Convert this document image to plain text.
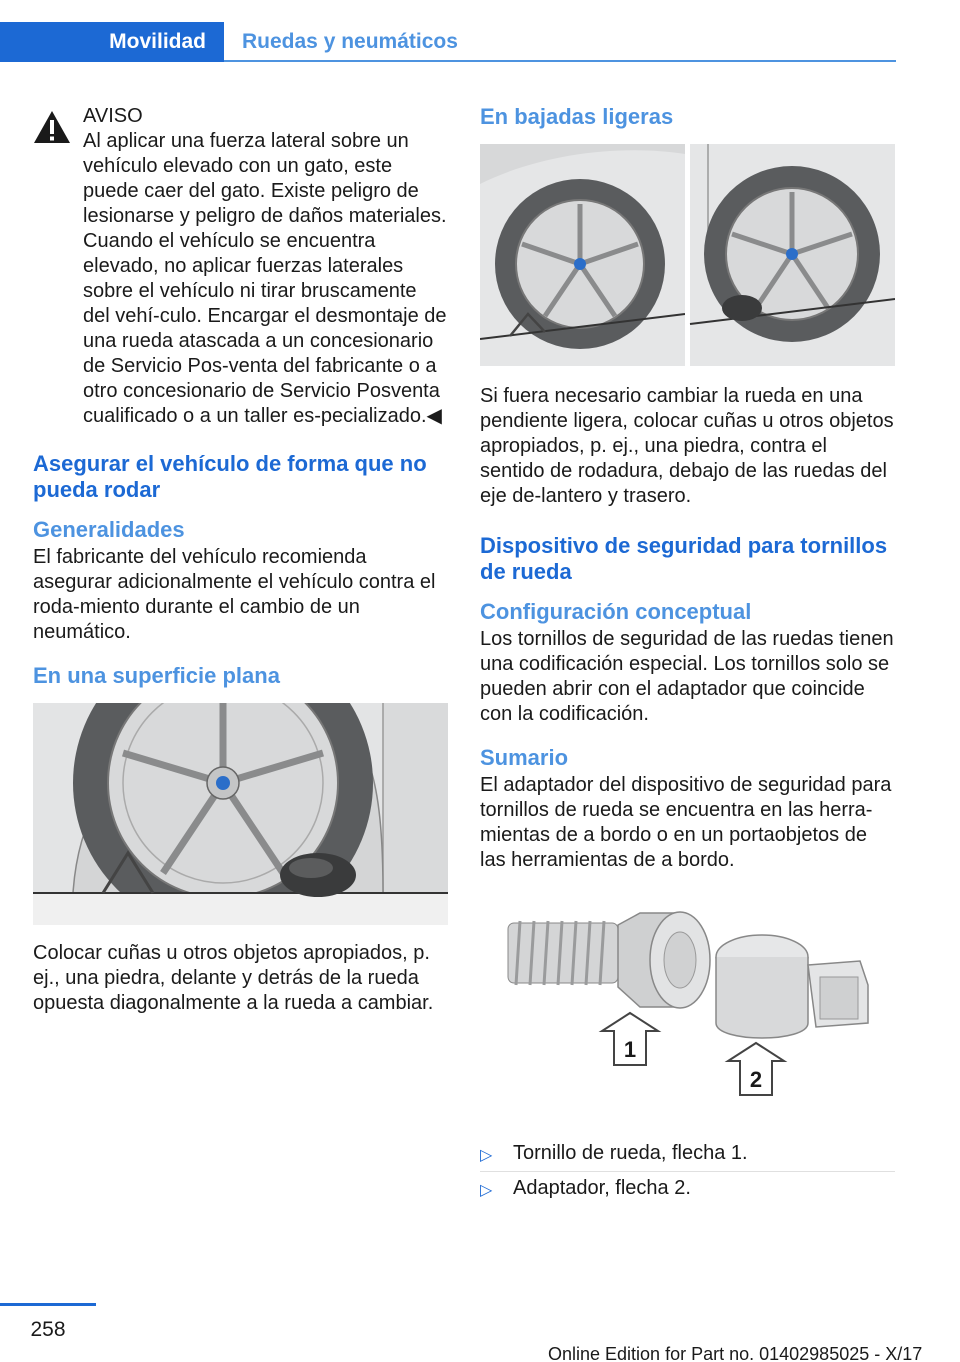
Movilidad	Ruedas y neumáticos

AVISO

Al aplicar una fuerza lateral sobre un vehículo elevado con un gato, este puede caer del gato. Existe peligro de lesionarse y peligro de daños materiales. Cuando el vehículo se encuentra elevado, no aplicar fuerzas laterales sobre el vehículo ni tirar bruscamente del vehí‐culo. Encargar el desmontaje de una rueda atascada a un concesionario de Servicio Pos‐venta del fabricante o a otro concesionario de Servicio Posventa cualificado o a un taller es‐pecializado.◀

Asegurar el vehículo de forma que no pueda rodar
Generalidades

El fabricante del vehículo recomienda asegurar adicionalmente el vehículo contra el roda‐miento durante el cambio de un neumático.

En una superficie plana

Colocar cuñas u otros objetos apropiados, p. ej., una piedra, delante y detrás de la rueda opuesta diagonalmente a la rueda a cambiar.

En bajadas ligeras

Si fuera necesario cambiar la rueda en una pendiente ligera, colocar cuñas u otros objetos apropiados, p. ej., una piedra, contra el sentido de rodadura, debajo de las ruedas del eje de‐lantero y trasero.

Dispositivo de seguridad para tornillos de rueda
Configuración conceptual

Los tornillos de seguridad de las ruedas tienen una codificación especial. Los tornillos solo se pueden abrir con el adaptador que coincide con la codificación.

Sumario

El adaptador del dispositivo de seguridad para tornillos de rueda se encuentra en las herra‐mientas de a bordo o en un portaobjetos de las herramientas de a bordo.

1
2
▷ Tornillo de rueda, flecha 1.
▷ Adaptador, flecha 2.
258
Online Edition for Part no. 01402985025 - X/17
